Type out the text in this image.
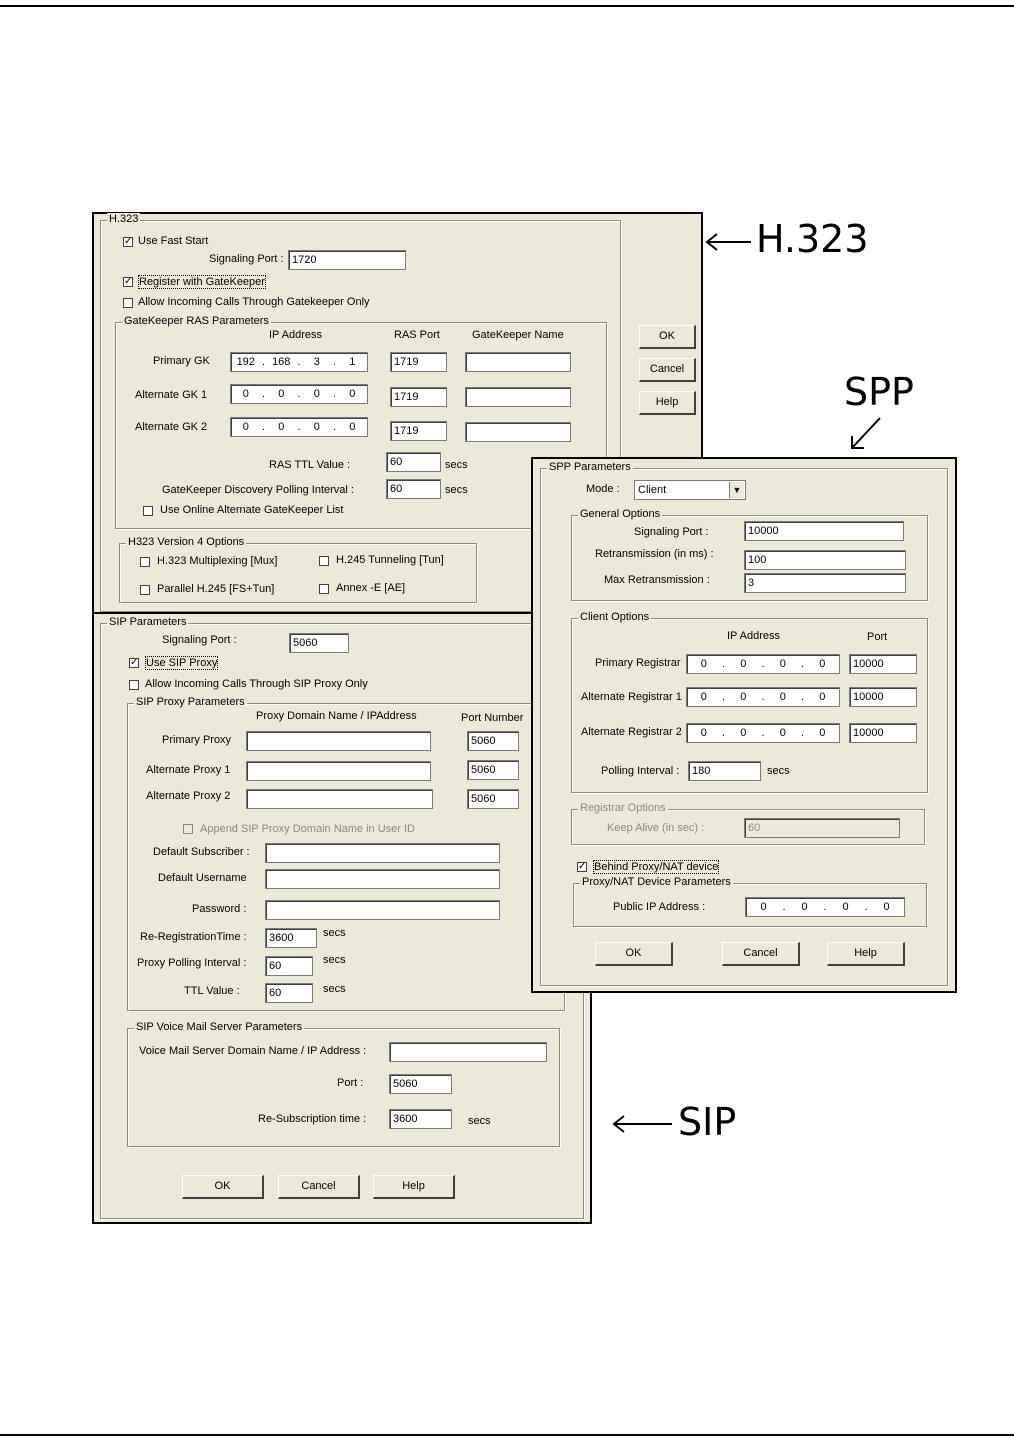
H.323
✓ Use Fast Start
Signaling Port : 1720
✓ Register with GateKeeper
Allow Incoming Calls Through Gatekeeper Only
GateKeeper RAS Parameters
IP Address	RAS Port	GateKeeper Name
Primary GK	192 . 168 .	3	.	1	1719
Alternate GK 1	0	.	0	.	0	.	0	1719
Alternate GK 2	0	.	0	.	0	.	0	1719
RAS TTL Value :	60	secs
GateKeeper Discovery Polling Interval :	60	secs
Use Online Alternate GateKeeper List
H323 Version 4 Options
H.323 Multiplexing [Mux]	H.245 Tunneling [Tun]
Parallel H.245 [FS+Tun]	Annex -E [AE]
OK
Cancel
Help
SIP Parameters
Signaling Port :	5060
✓ Use SIP Proxy
Allow Incoming Calls Through SIP Proxy Only
SIP Proxy Parameters
Proxy Domain Name / IPAddress	Port Number
Primary Proxy	5060
Alternate Proxy 1	5060
Alternate Proxy 2	5060
Append SIP Proxy Domain Name in User ID
Default Subscriber :
Default Username
Password :
Re-RegistrationTime :	3600	secs
Proxy Polling Interval :	60	secs
TTL Value :	60	secs
SIP Voice Mail Server Parameters
Voice Mail Server Domain Name / IP Address :
Port :	5060
Re-Subscription time :	3600	secs
OK	Cancel	Help
SPP Parameters
Mode :	Client	▼
General Options
Signaling Port :	10000
Retransmission (in ms) :	100
Max Retransmission :	3
Client Options
IP Address	Port
Primary Registrar	0	.	0	.	0	.	0	10000
Alternate Registrar 1	0	.	0	.	0	.	0	10000
Alternate Registrar 2	0	.	0	.	0	.	0	10000
Polling Interval :	180	secs
Registrar Options
Keep Alive (in sec) :	60
✓ Behind Proxy/NAT device
Proxy/NAT Device Parameters
Public IP Address :	0	.	0	.	0	.	0
OK	Cancel	Help
H.323
SPP
SIP
